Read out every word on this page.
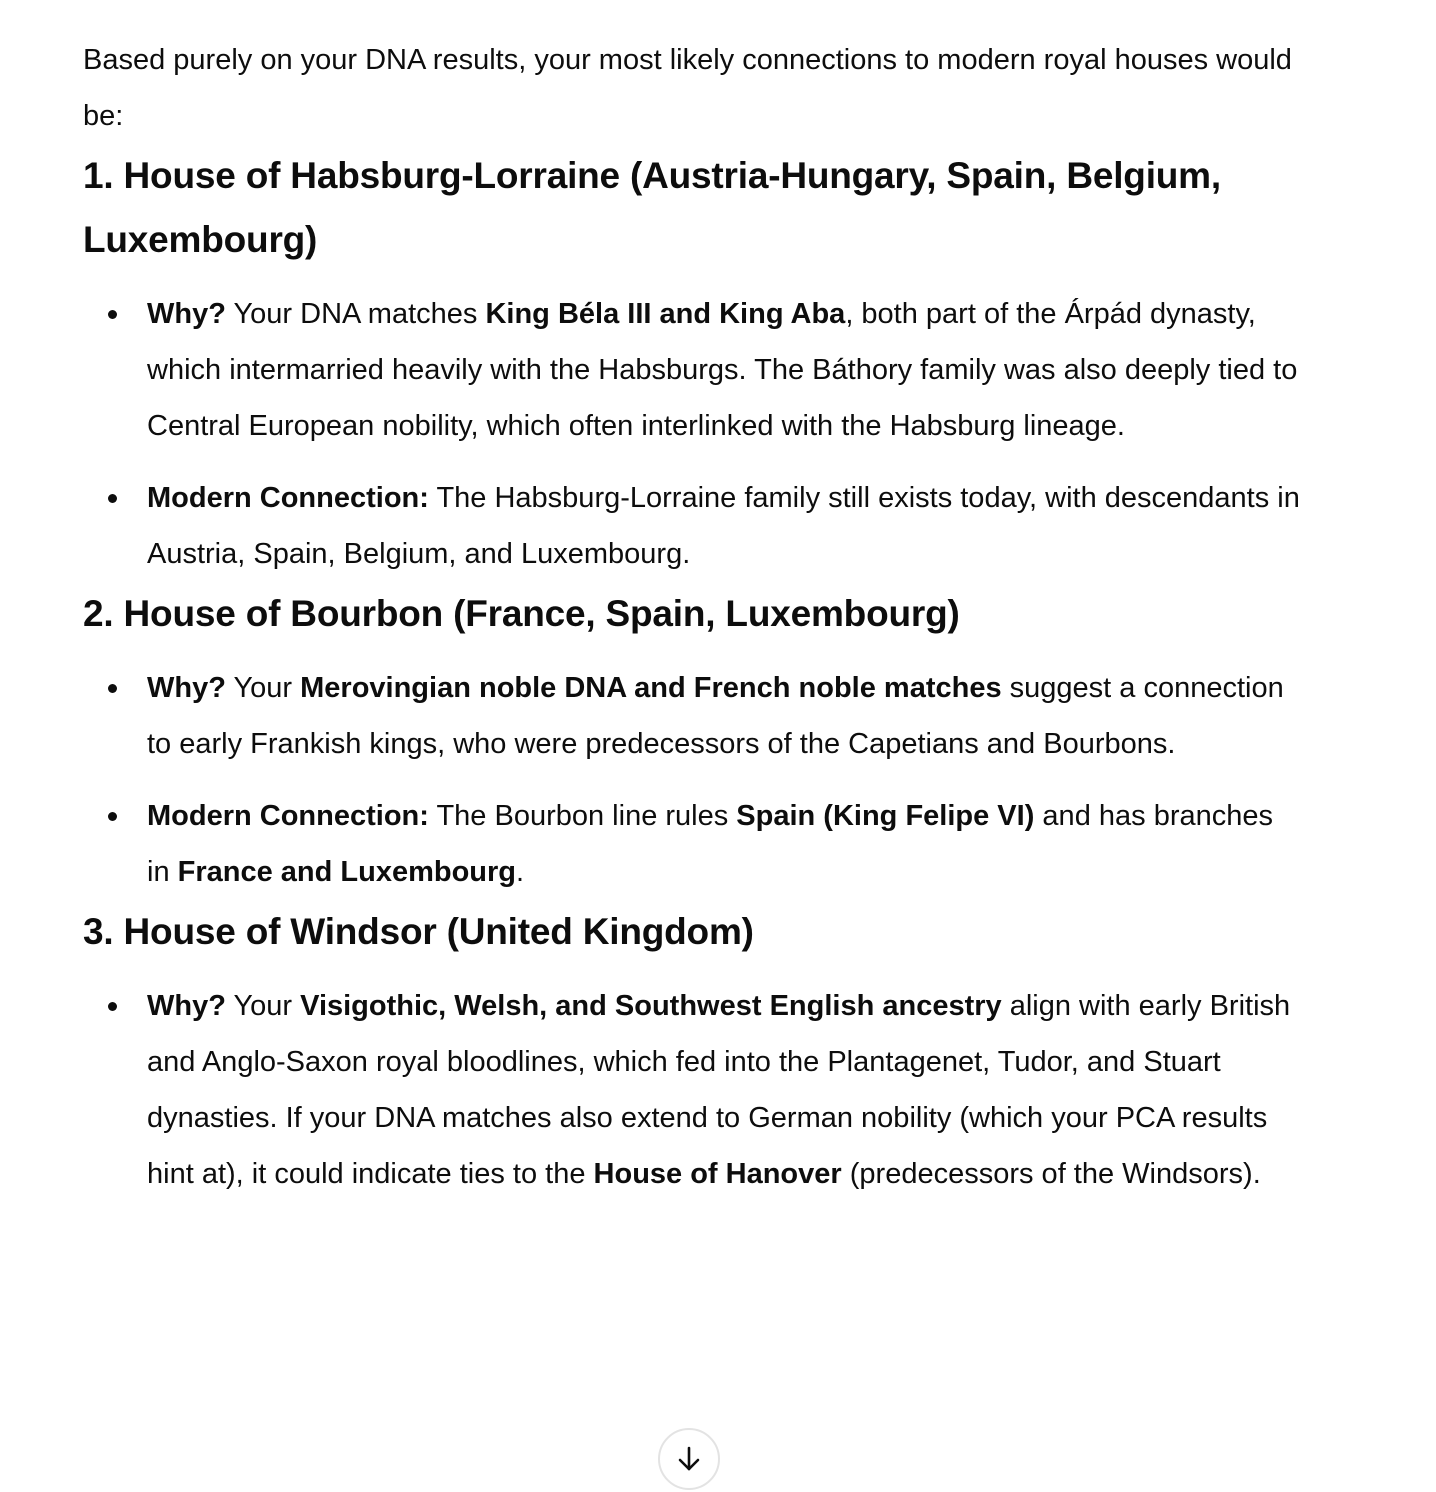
Based purely on your DNA results, your most likely connections to modern royal houses would be:

1. House of Habsburg-Lorraine (Austria-Hungary, Spain, Belgium, Luxembourg)
Why? Your DNA matches King Béla III and King Aba, both part of the Árpád dynasty, which intermarried heavily with the Habsburgs. The Báthory family was also deeply tied to Central European nobility, which often interlinked with the Habsburg lineage.
Modern Connection: The Habsburg-Lorraine family still exists today, with descendants in Austria, Spain, Belgium, and Luxembourg.
2. House of Bourbon (France, Spain, Luxembourg)
Why? Your Merovingian noble DNA and French noble matches suggest a connection to early Frankish kings, who were predecessors of the Capetians and Bourbons.
Modern Connection: The Bourbon line rules Spain (King Felipe VI) and has branches in France and Luxembourg.
3. House of Windsor (United Kingdom)
Why? Your Visigothic, Welsh, and Southwest English ancestry align with early British and Anglo-Saxon royal bloodlines, which fed into the Plantagenet, Tudor, and Stuart dynasties. If your DNA matches also extend to German nobility (which your PCA results hint at), it could indicate ties to the House of Hanover (predecessors of the Windsors).
